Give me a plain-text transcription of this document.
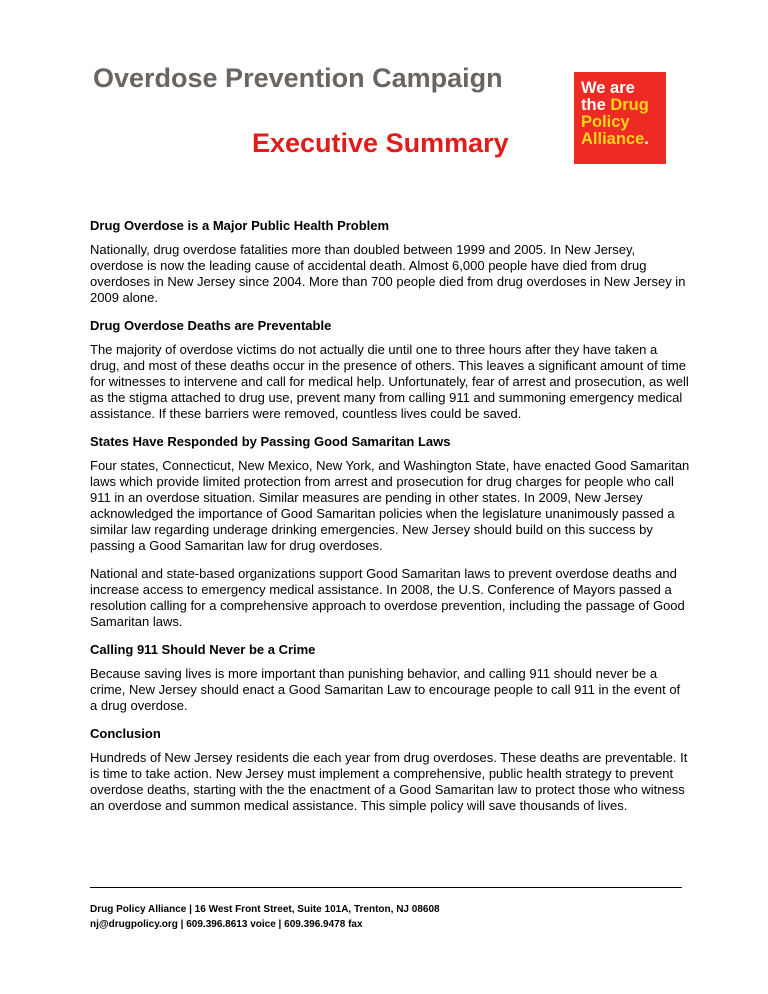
Overdose Prevention Campaign
Executive Summary
We are
the Drug
Policy
Alliance.
Drug Overdose is a Major Public Health Problem

Nationally, drug overdose fatalities more than doubled between 1999 and 2005. In New Jersey, overdose is now the leading cause of accidental death. Almost 6,000 people have died from drug overdoses in New Jersey since 2004. More than 700 people died from drug overdoses in New Jersey in 2009 alone.

Drug Overdose Deaths are Preventable

The majority of overdose victims do not actually die until one to three hours after they have taken a drug, and most of these deaths occur in the presence of others. This leaves a significant amount of time for witnesses to intervene and call for medical help. Unfortunately, fear of arrest and prosecution, as well as the stigma attached to drug use, prevent many from calling 911 and summoning emergency medical assistance. If these barriers were removed, countless lives could be saved.

States Have Responded by Passing Good Samaritan Laws

Four states, Connecticut, New Mexico, New York, and Washington State, have enacted Good Samaritan laws which provide limited protection from arrest and prosecution for drug charges for people who call 911 in an overdose situation. Similar measures are pending in other states. In 2009, New Jersey acknowledged the importance of Good Samaritan policies when the legislature unanimously passed a similar law regarding underage drinking emergencies. New Jersey should build on this success by passing a Good Samaritan law for drug overdoses.

National and state-based organizations support Good Samaritan laws to prevent overdose deaths and increase access to emergency medical assistance. In 2008, the U.S. Conference of Mayors passed a resolution calling for a comprehensive approach to overdose prevention, including the passage of Good Samaritan laws.

Calling 911 Should Never be a Crime

Because saving lives is more important than punishing behavior, and calling 911 should never be a crime, New Jersey should enact a Good Samaritan Law to encourage people to call 911 in the event of a drug overdose.

Conclusion

Hundreds of New Jersey residents die each year from drug overdoses. These deaths are preventable. It is time to take action. New Jersey must implement a comprehensive, public health strategy to prevent overdose deaths, starting with the the enactment of a Good Samaritan law to protect those who witness an overdose and summon medical assistance. This simple policy will save thousands of lives.

Drug Policy Alliance | 16 West Front Street, Suite 101A, Trenton, NJ 08608
nj@drugpolicy.org | 609.396.8613 voice | 609.396.9478 fax
